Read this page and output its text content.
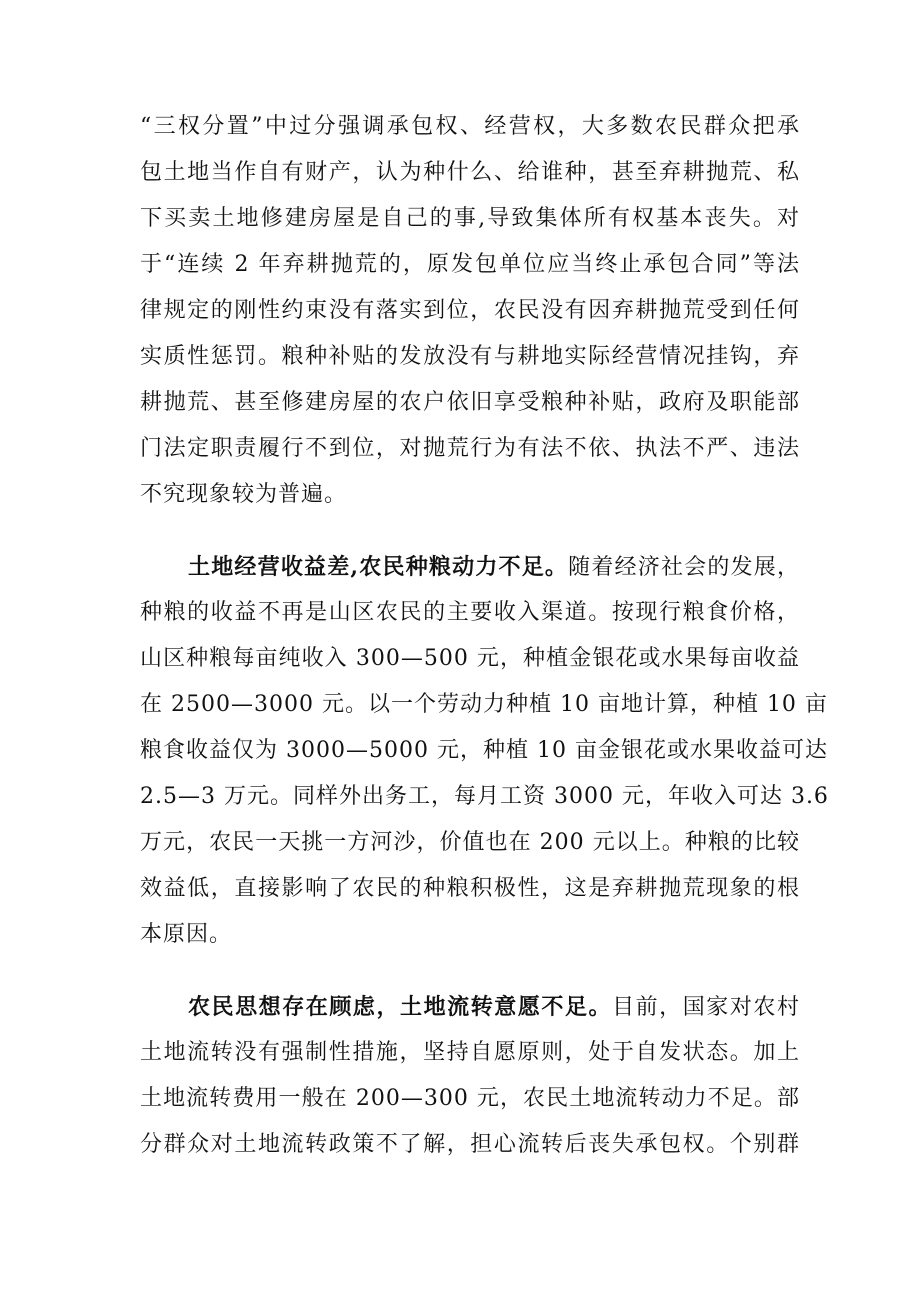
“三权分置”中过分强调承包权、经营权，大多数农民群众把承
包土地当作自有财产，认为种什么、给谁种，甚至弃耕抛荒、私
下买卖土地修建房屋是自己的事,导致集体所有权基本丧失。对
于“连续 2 年弃耕抛荒的，原发包单位应当终止承包合同”等法
律规定的刚性约束没有落实到位，农民没有因弃耕抛荒受到任何
实质性惩罚。粮种补贴的发放没有与耕地实际经营情况挂钩，弃
耕抛荒、甚至修建房屋的农户依旧享受粮种补贴，政府及职能部
门法定职责履行不到位，对抛荒行为有法不依、执法不严、违法
不究现象较为普遍。
土地经营收益差,农民种粮动力不足。随着经济社会的发展，
种粮的收益不再是山区农民的主要收入渠道。按现行粮食价格，
山区种粮每亩纯收入 300—500 元，种植金银花或水果每亩收益
在 2500—3000 元。以一个劳动力种植 10 亩地计算，种植 10 亩
粮食收益仅为 3000—5000 元，种植 10 亩金银花或水果收益可达
2.5—3 万元。同样外出务工，每月工资 3000 元，年收入可达 3.6
万元，农民一天挑一方河沙，价值也在 200 元以上。种粮的比较
效益低，直接影响了农民的种粮积极性，这是弃耕抛荒现象的根
本原因。
农民思想存在顾虑，土地流转意愿不足。目前，国家对农村
土地流转没有强制性措施，坚持自愿原则，处于自发状态。加上
土地流转费用一般在 200—300 元，农民土地流转动力不足。部
分群众对土地流转政策不了解，担心流转后丧失承包权。个别群
